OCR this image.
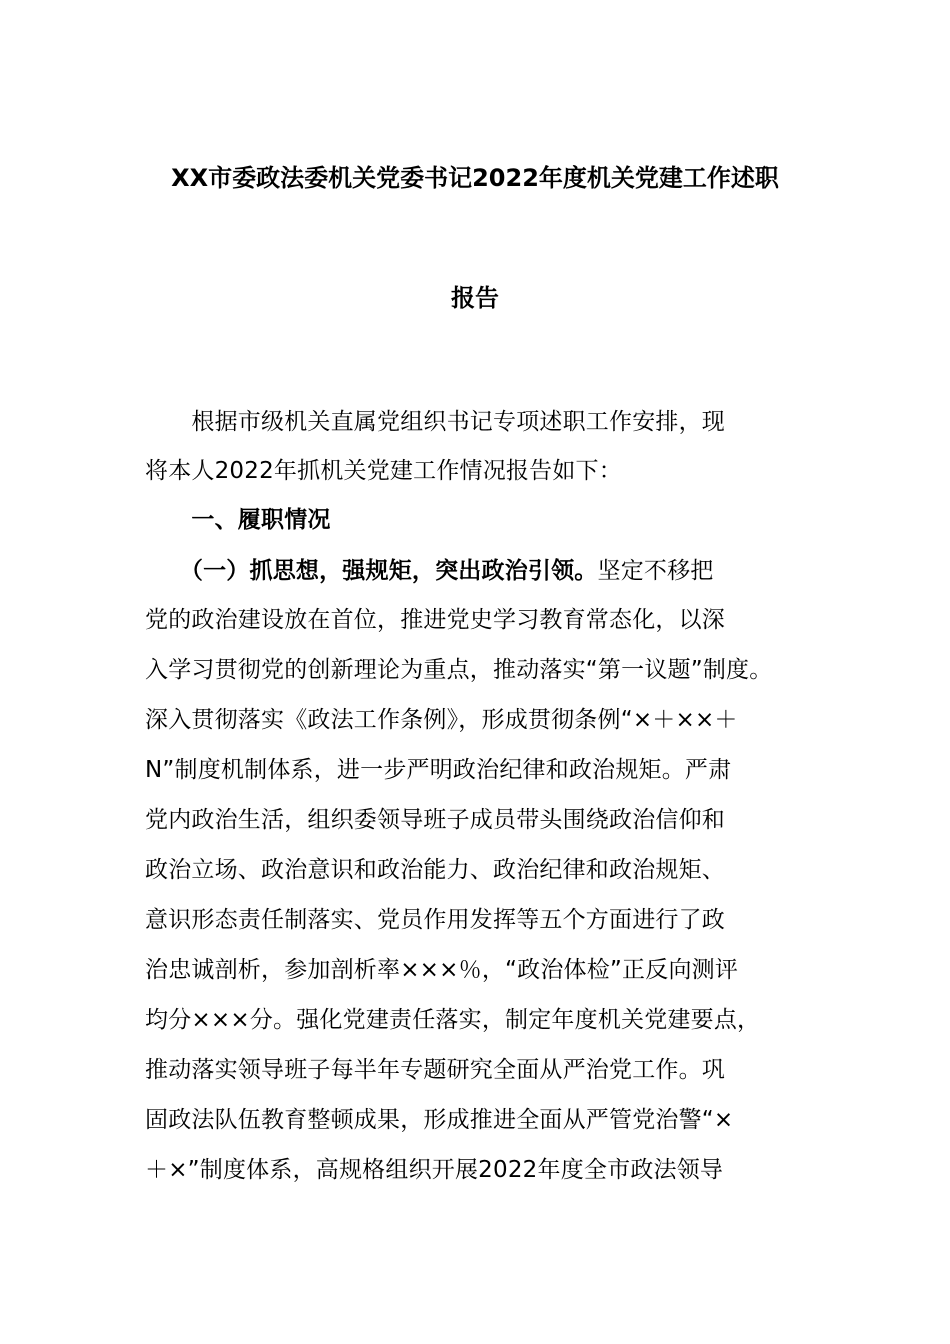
XX市委政法委机关党委书记2022年度机关党建工作述职
报告
　　根据市级机关直属党组织书记专项述职工作安排，现
将本人2022年抓机关党建工作情况报告如下：
　　一、履职情况
　　（一）抓思想，强规矩，突出政治引领。坚定不移把
党的政治建设放在首位，推进党史学习教育常态化，以深
入学习贯彻党的创新理论为重点，推动落实“第一议题”制度。
深入贯彻落实《政法工作条例》，形成贯彻条例“×＋××＋
N”制度机制体系，进一步严明政治纪律和政治规矩。严肃
党内政治生活，组织委领导班子成员带头围绕政治信仰和
政治立场、政治意识和政治能力、政治纪律和政治规矩、
意识形态责任制落实、党员作用发挥等五个方面进行了政
治忠诚剖析，参加剖析率×××％，“政治体检”正反向测评
均分×××分。强化党建责任落实，制定年度机关党建要点，
推动落实领导班子每半年专题研究全面从严治党工作。巩
固政法队伍教育整顿成果，形成推进全面从严管党治警“×
＋×”制度体系，高规格组织开展2022年度全市政法领导
